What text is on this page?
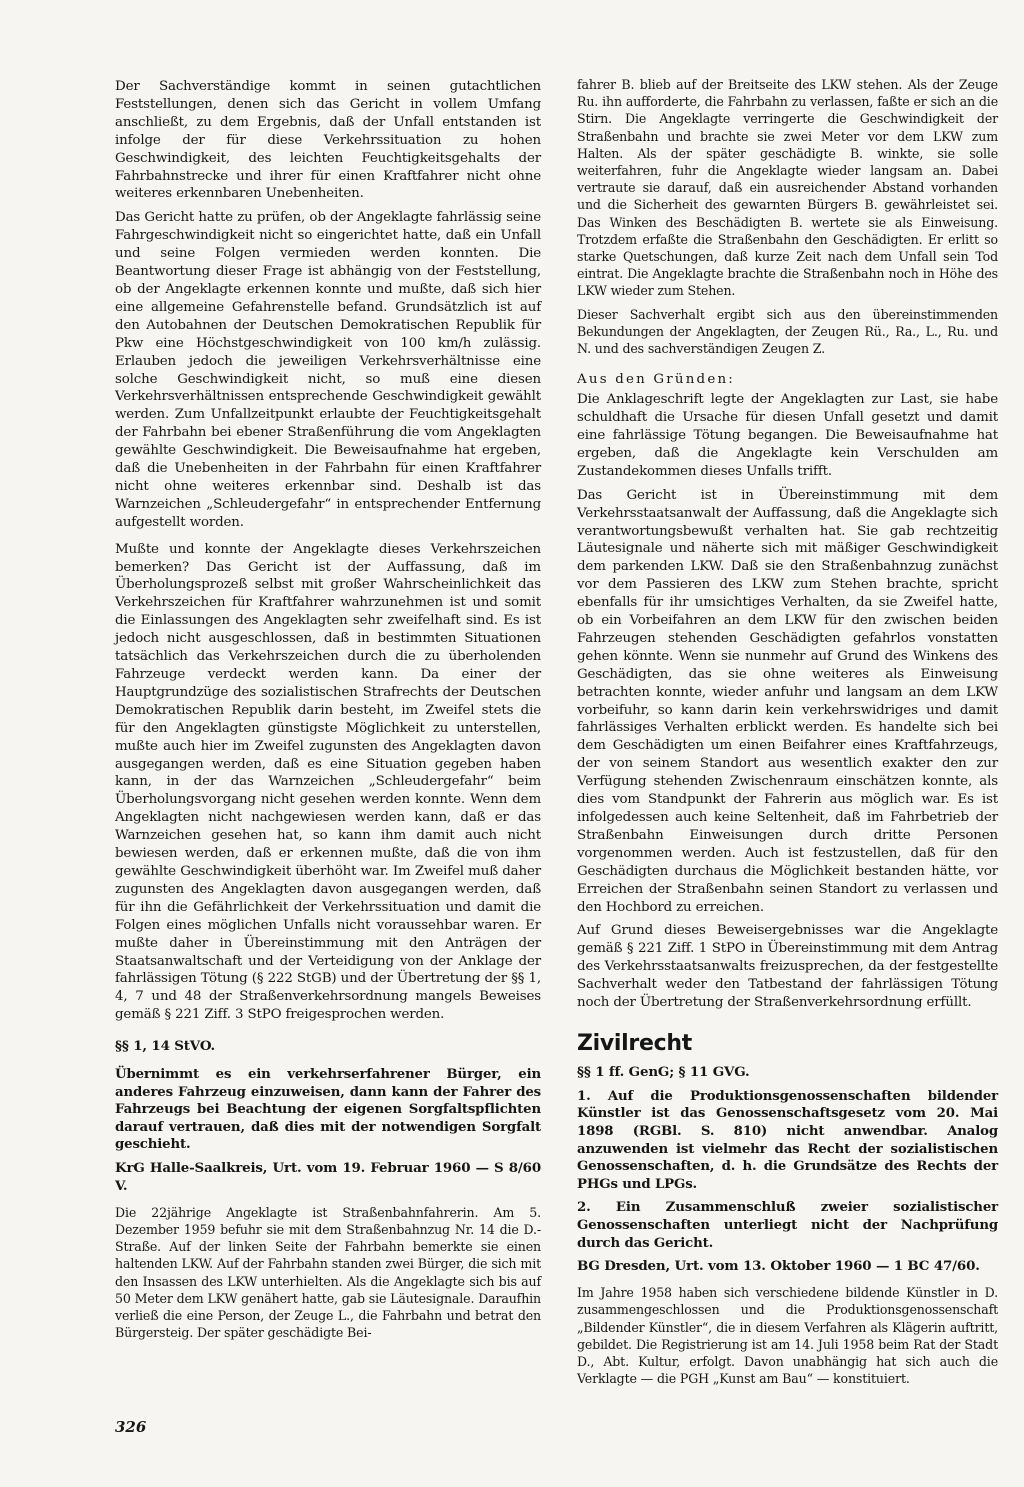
Der Sachverständige kommt in seinen gutachtlichen Feststellungen, denen sich das Gericht in vollem Umfang anschließt, zu dem Ergebnis, daß der Unfall entstanden ist infolge der für diese Verkehrssituation zu hohen Geschwindigkeit, des leichten Feuchtigkeitsgehalts der Fahrbahnstrecke und ihrer für einen Kraftfahrer nicht ohne weiteres erkennbaren Unebenheiten.

Das Gericht hatte zu prüfen, ob der Angeklagte fahrlässig seine Fahrgeschwindigkeit nicht so eingerichtet hatte, daß ein Unfall und seine Folgen vermieden werden konnten. Die Beantwortung dieser Frage ist abhängig von der Feststellung, ob der Angeklagte erkennen konnte und mußte, daß sich hier eine allgemeine Gefahrenstelle befand. Grundsätzlich ist auf den Autobahnen der Deutschen Demokratischen Republik für Pkw eine Höchstgeschwindigkeit von 100 km/h zulässig. Erlauben jedoch die jeweiligen Verkehrsverhältnisse eine solche Geschwindigkeit nicht, so muß eine diesen Verkehrsverhältnissen entsprechende Geschwindigkeit gewählt werden. Zum Unfallzeitpunkt erlaubte der Feuchtigkeitsgehalt der Fahrbahn bei ebener Straßenführung die vom Angeklagten gewählte Geschwindigkeit. Die Beweisaufnahme hat ergeben, daß die Unebenheiten in der Fahrbahn für einen Kraftfahrer nicht ohne weiteres erkennbar sind. Deshalb ist das Warnzeichen „Schleudergefahr“ in entsprechender Entfernung aufgestellt worden.

Mußte und konnte der Angeklagte dieses Verkehrszeichen bemerken? Das Gericht ist der Auffassung, daß im Überholungsprozeß selbst mit großer Wahrscheinlichkeit das Verkehrszeichen für Kraftfahrer wahrzunehmen ist und somit die Einlassungen des Angeklagten sehr zweifelhaft sind. Es ist jedoch nicht ausgeschlossen, daß in bestimmten Situationen tatsächlich das Verkehrszeichen durch die zu überholenden Fahrzeuge verdeckt werden kann. Da einer der Hauptgrundzüge des sozialistischen Strafrechts der Deutschen Demokratischen Republik darin besteht, im Zweifel stets die für den Angeklagten günstigste Möglichkeit zu unterstellen, mußte auch hier im Zweifel zugunsten des Angeklagten davon ausgegangen werden, daß es eine Situation gegeben haben kann, in der das Warnzeichen „Schleudergefahr“ beim Überholungsvorgang nicht gesehen werden konnte. Wenn dem Angeklagten nicht nachgewiesen werden kann, daß er das Warnzeichen gesehen hat, so kann ihm damit auch nicht bewiesen werden, daß er erkennen mußte, daß die von ihm gewählte Geschwindigkeit überhöht war. Im Zweifel muß daher zugunsten des Angeklagten davon ausgegangen werden, daß für ihn die Gefährlichkeit der Verkehrssituation und damit die Folgen eines möglichen Unfalls nicht voraussehbar waren. Er mußte daher in Übereinstimmung mit den Anträgen der Staatsanwaltschaft und der Verteidigung von der Anklage der fahrlässigen Tötung (§ 222 StGB) und der Übertretung der §§ 1, 4, 7 und 48 der Straßenverkehrsordnung mangels Beweises gemäß § 221 Ziff. 3 StPO freigesprochen werden.

§§ 1, 14 StVO.

Übernimmt es ein verkehrserfahrener Bürger, ein anderes Fahrzeug einzuweisen, dann kann der Fahrer des Fahrzeugs bei Beachtung der eigenen Sorgfaltspflichten darauf vertrauen, daß dies mit der notwendigen Sorgfalt geschieht.

KrG Halle-Saalkreis, Urt. vom 19. Februar 1960 — S 8/60 V.

Die 22jährige Angeklagte ist Straßenbahnfahrerin. Am 5. Dezember 1959 befuhr sie mit dem Straßenbahnzug Nr. 14 die D.-Straße. Auf der linken Seite der Fahrbahn bemerkte sie einen haltenden LKW. Auf der Fahrbahn standen zwei Bürger, die sich mit den Insassen des LKW unterhielten. Als die Angeklagte sich bis auf 50 Meter dem LKW genähert hatte, gab sie Läutesignale. Daraufhin verließ die eine Person, der Zeuge L., die Fahrbahn und betrat den Bürgersteig. Der später geschädigte Bei-

fahrer B. blieb auf der Breitseite des LKW stehen. Als der Zeuge Ru. ihn aufforderte, die Fahrbahn zu verlassen, faßte er sich an die Stirn. Die Angeklagte verringerte die Geschwindigkeit der Straßenbahn und brachte sie zwei Meter vor dem LKW zum Halten. Als der später geschädigte B. winkte, sie solle weiterfahren, fuhr die Angeklagte wieder langsam an. Dabei vertraute sie darauf, daß ein ausreichender Abstand vorhanden und die Sicherheit des gewarnten Bürgers B. gewährleistet sei. Das Winken des Beschädigten B. wertete sie als Einweisung. Trotzdem erfaßte die Straßenbahn den Geschädigten. Er erlitt so starke Quetschungen, daß kurze Zeit nach dem Unfall sein Tod eintrat. Die Angeklagte brachte die Straßenbahn noch in Höhe des LKW wieder zum Stehen.

Dieser Sachverhalt ergibt sich aus den übereinstimmenden Bekundungen der Angeklagten, der Zeugen Rü., Ra., L., Ru. und N. und des sachverständigen Zeugen Z.

Aus den Gründen:

Die Anklageschrift legte der Angeklagten zur Last, sie habe schuldhaft die Ursache für diesen Unfall gesetzt und damit eine fahrlässige Tötung begangen. Die Beweisaufnahme hat ergeben, daß die Angeklagte kein Verschulden am Zustandekommen dieses Unfalls trifft.

Das Gericht ist in Übereinstimmung mit dem Verkehrsstaatsanwalt der Auffassung, daß die Angeklagte sich verantwortungsbewußt verhalten hat. Sie gab rechtzeitig Läutesignale und näherte sich mit mäßiger Geschwindigkeit dem parkenden LKW. Daß sie den Straßenbahnzug zunächst vor dem Passieren des LKW zum Stehen brachte, spricht ebenfalls für ihr umsichtiges Verhalten, da sie Zweifel hatte, ob ein Vorbeifahren an dem LKW für den zwischen beiden Fahrzeugen stehenden Geschädigten gefahrlos vonstatten gehen könnte. Wenn sie nunmehr auf Grund des Winkens des Geschädigten, das sie ohne weiteres als Einweisung betrachten konnte, wieder anfuhr und langsam an dem LKW vorbeifuhr, so kann darin kein verkehrswidriges und damit fahrlässiges Verhalten erblickt werden. Es handelte sich bei dem Geschädigten um einen Beifahrer eines Kraftfahrzeugs, der von seinem Standort aus wesentlich exakter den zur Verfügung stehenden Zwischenraum einschätzen konnte, als dies vom Standpunkt der Fahrerin aus möglich war. Es ist infolgedessen auch keine Seltenheit, daß im Fahrbetrieb der Straßenbahn Einweisungen durch dritte Personen vorgenommen werden. Auch ist festzustellen, daß für den Geschädigten durchaus die Möglichkeit bestanden hätte, vor Erreichen der Straßenbahn seinen Standort zu verlassen und den Hochbord zu erreichen.

Auf Grund dieses Beweisergebnisses war die Angeklagte gemäß § 221 Ziff. 1 StPO in Übereinstimmung mit dem Antrag des Verkehrsstaatsanwalts freizusprechen, da der festgestellte Sachverhalt weder den Tatbestand der fahrlässigen Tötung noch der Übertretung der Straßenverkehrsordnung erfüllt.

Zivilrecht

§§ 1 ff. GenG; § 11 GVG.

1. Auf die Produktionsgenossenschaften bildender Künstler ist das Genossenschaftsgesetz vom 20. Mai 1898 (RGBl. S. 810) nicht anwendbar. Analog anzuwenden ist vielmehr das Recht der sozialistischen Genossenschaften, d. h. die Grundsätze des Rechts der PHGs und LPGs.

2. Ein Zusammenschluß zweier sozialistischer Genossenschaften unterliegt nicht der Nachprüfung durch das Gericht.

BG Dresden, Urt. vom 13. Oktober 1960 — 1 BC 47/60.

Im Jahre 1958 haben sich verschiedene bildende Künstler in D. zusammengeschlossen und die Produktionsgenossenschaft „Bildender Künstler“, die in diesem Verfahren als Klägerin auftritt, gebildet. Die Registrierung ist am 14. Juli 1958 beim Rat der Stadt D., Abt. Kultur, erfolgt. Davon unabhängig hat sich auch die Verklagte — die PGH „Kunst am Bau“ — konstituiert.

326
